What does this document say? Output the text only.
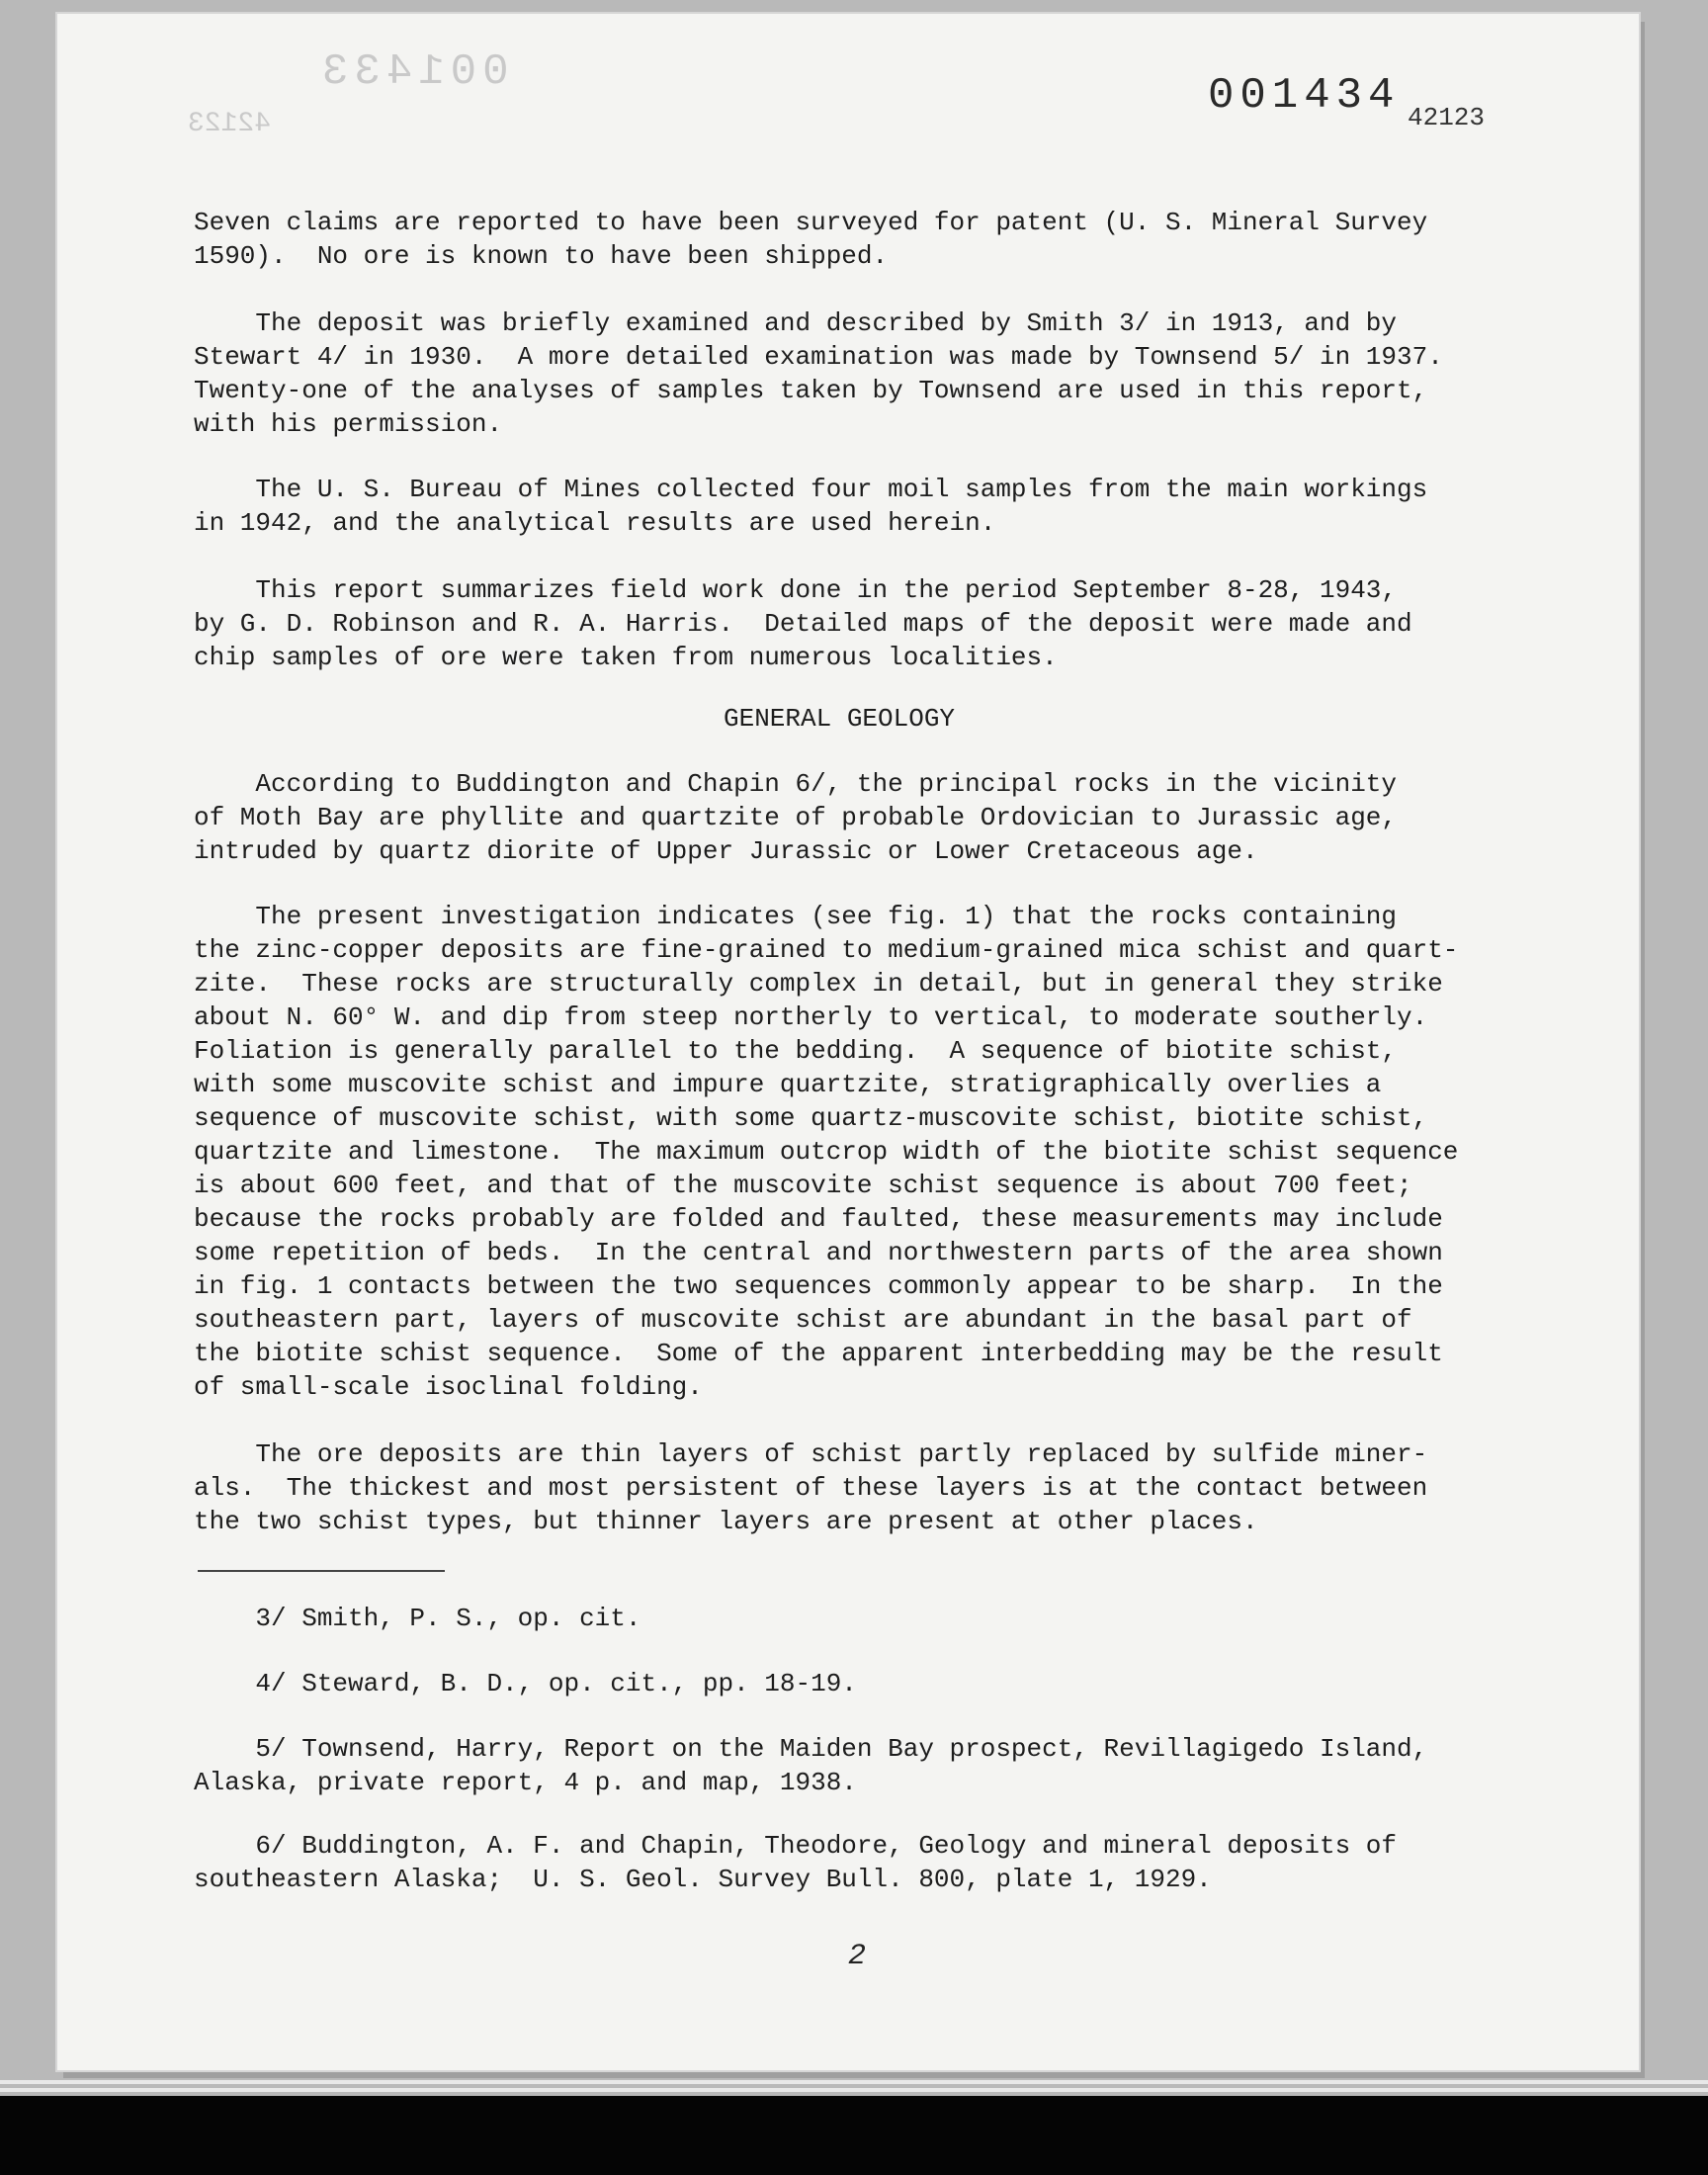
001433
42123
001434 42123
Seven claims are reported to have been surveyed for patent (U. S. Mineral Survey
1590).  No ore is known to have been shipped.
The deposit was briefly examined and described by Smith 3/ in 1913, and by
Stewart 4/ in 1930.  A more detailed examination was made by Townsend 5/ in 1937.
Twenty-one of the analyses of samples taken by Townsend are used in this report,
with his permission.
The U. S. Bureau of Mines collected four moil samples from the main workings
in 1942, and the analytical results are used herein.
This report summarizes field work done in the period September 8-28, 1943,
by G. D. Robinson and R. A. Harris.  Detailed maps of the deposit were made and
chip samples of ore were taken from numerous localities.
GENERAL GEOLOGY
According to Buddington and Chapin 6/, the principal rocks in the vicinity
of Moth Bay are phyllite and quartzite of probable Ordovician to Jurassic age,
intruded by quartz diorite of Upper Jurassic or Lower Cretaceous age.
The present investigation indicates (see fig. 1) that the rocks containing
the zinc-copper deposits are fine-grained to medium-grained mica schist and quart-
zite.  These rocks are structurally complex in detail, but in general they strike
about N. 60° W. and dip from steep northerly to vertical, to moderate southerly.
Foliation is generally parallel to the bedding.  A sequence of biotite schist,
with some muscovite schist and impure quartzite, stratigraphically overlies a
sequence of muscovite schist, with some quartz-muscovite schist, biotite schist,
quartzite and limestone.  The maximum outcrop width of the biotite schist sequence
is about 600 feet, and that of the muscovite schist sequence is about 700 feet;
because the rocks probably are folded and faulted, these measurements may include
some repetition of beds.  In the central and northwestern parts of the area shown
in fig. 1 contacts between the two sequences commonly appear to be sharp.  In the
southeastern part, layers of muscovite schist are abundant in the basal part of
the biotite schist sequence.  Some of the apparent interbedding may be the result
of small-scale isoclinal folding.
The ore deposits are thin layers of schist partly replaced by sulfide miner-
als.  The thickest and most persistent of these layers is at the contact between
the two schist types, but thinner layers are present at other places.
3/ Smith, P. S., op. cit.
4/ Steward, B. D., op. cit., pp. 18-19.
5/ Townsend, Harry, Report on the Maiden Bay prospect, Revillagigedo Island,
Alaska, private report, 4 p. and map, 1938.
6/ Buddington, A. F. and Chapin, Theodore, Geology and mineral deposits of
southeastern Alaska;  U. S. Geol. Survey Bull. 800, plate 1, 1929.
2
